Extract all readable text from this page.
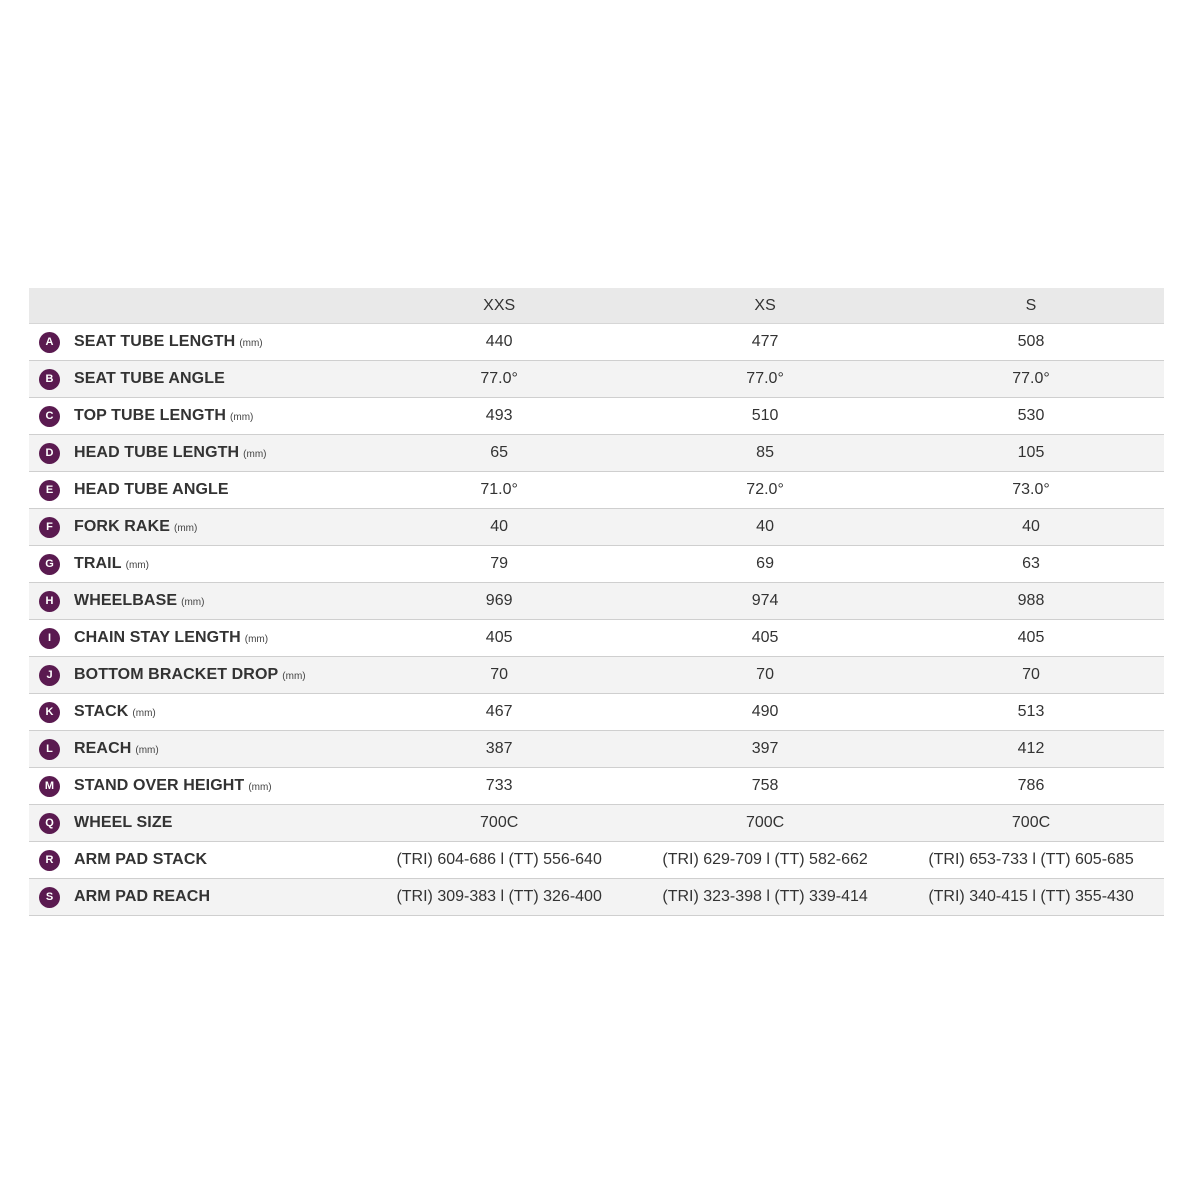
	XXS	XS	S

A SEAT TUBE LENGTH (mm)	440	477	508

B SEAT TUBE ANGLE	77.0°	77.0°	77.0°

C TOP TUBE LENGTH (mm)	493	510	530

D HEAD TUBE LENGTH (mm)	65	85	105

E HEAD TUBE ANGLE	71.0°	72.0°	73.0°

F FORK RAKE (mm)	40	40	40

G TRAIL (mm)	79	69	63

H WHEELBASE (mm)	969	974	988

I CHAIN STAY LENGTH (mm)	405	405	405

J BOTTOM BRACKET DROP (mm)	70	70	70

K STACK (mm)	467	490	513

L REACH (mm)	387	397	412

M STAND OVER HEIGHT (mm)	733	758	786

Q WHEEL SIZE	700C	700C	700C

R ARM PAD STACK	(TRI) 604-686 l (TT) 556-640	(TRI) 629-709 l (TT) 582-662	(TRI) 653-733 l (TT) 605-685

S ARM PAD REACH	(TRI) 309-383 l (TT) 326-400	(TRI) 323-398 l (TT) 339-414	(TRI) 340-415 l (TT) 355-430
